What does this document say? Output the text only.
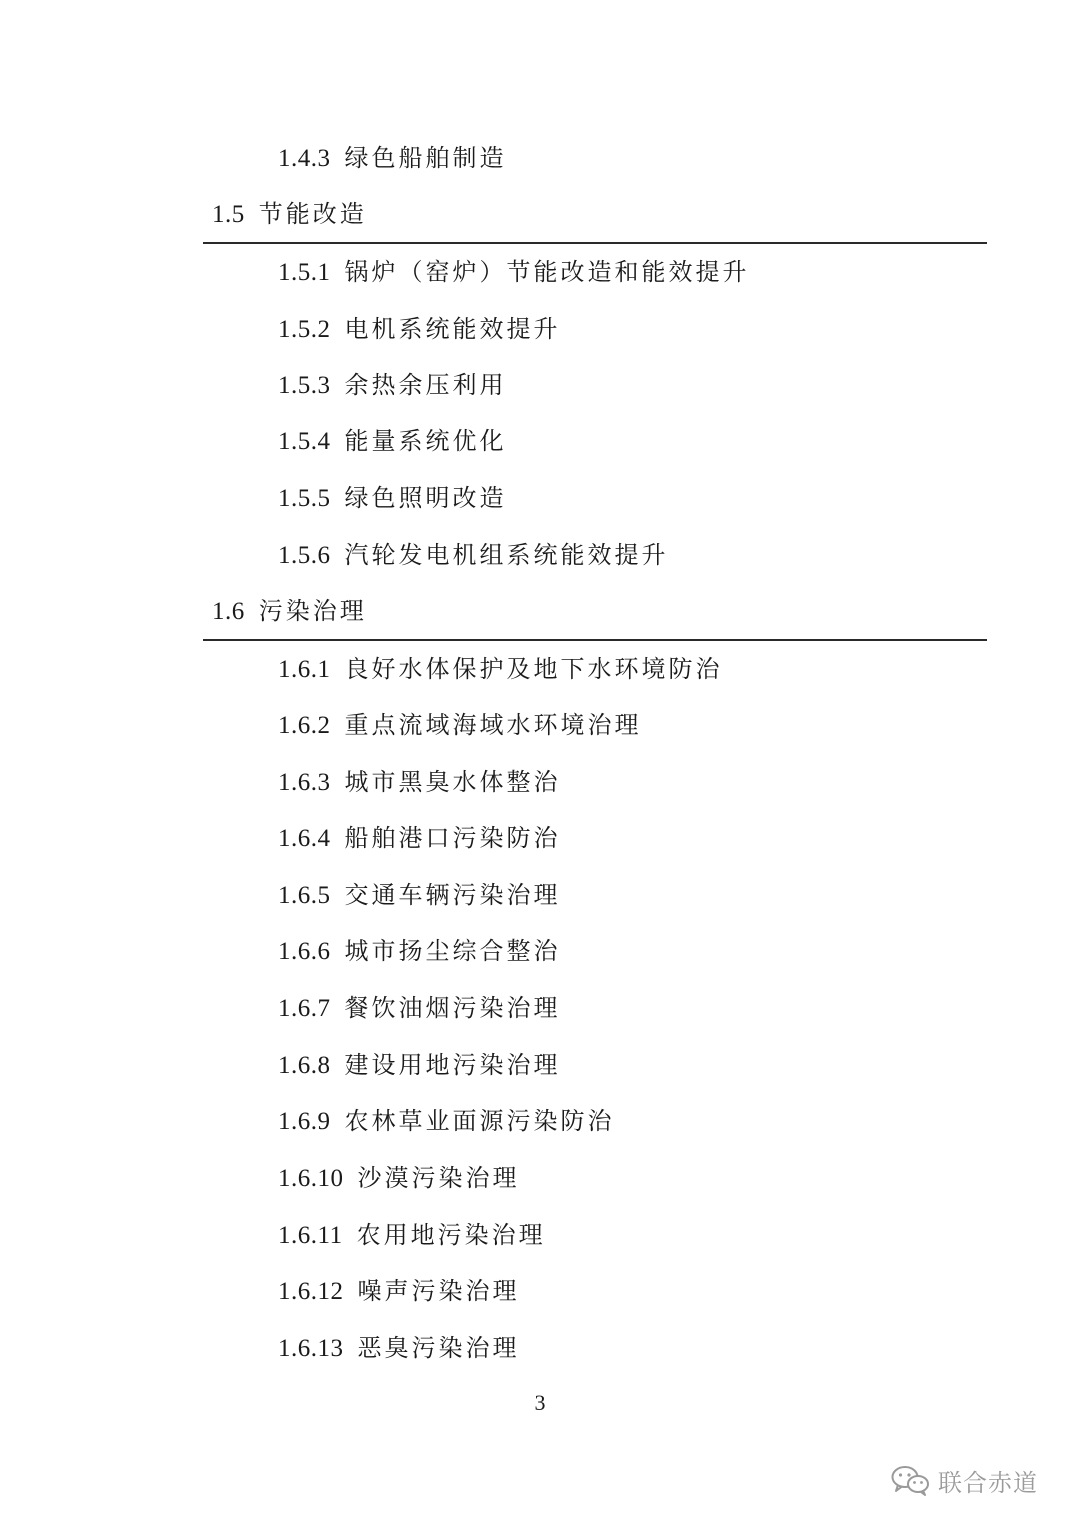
1.4.3 绿色船舶制造
1.5 节能改造
1.5.1 锅炉（窑炉）节能改造和能效提升
1.5.2 电机系统能效提升
1.5.3 余热余压利用
1.5.4 能量系统优化
1.5.5 绿色照明改造
1.5.6 汽轮发电机组系统能效提升
1.6 污染治理
1.6.1 良好水体保护及地下水环境防治
1.6.2 重点流域海域水环境治理
1.6.3 城市黑臭水体整治
1.6.4 船舶港口污染防治
1.6.5 交通车辆污染治理
1.6.6 城市扬尘综合整治
1.6.7 餐饮油烟污染治理
1.6.8 建设用地污染治理
1.6.9 农林草业面源污染防治
1.6.10 沙漠污染治理
1.6.11 农用地污染治理
1.6.12 噪声污染治理
1.6.13 恶臭污染治理
3
联合赤道
